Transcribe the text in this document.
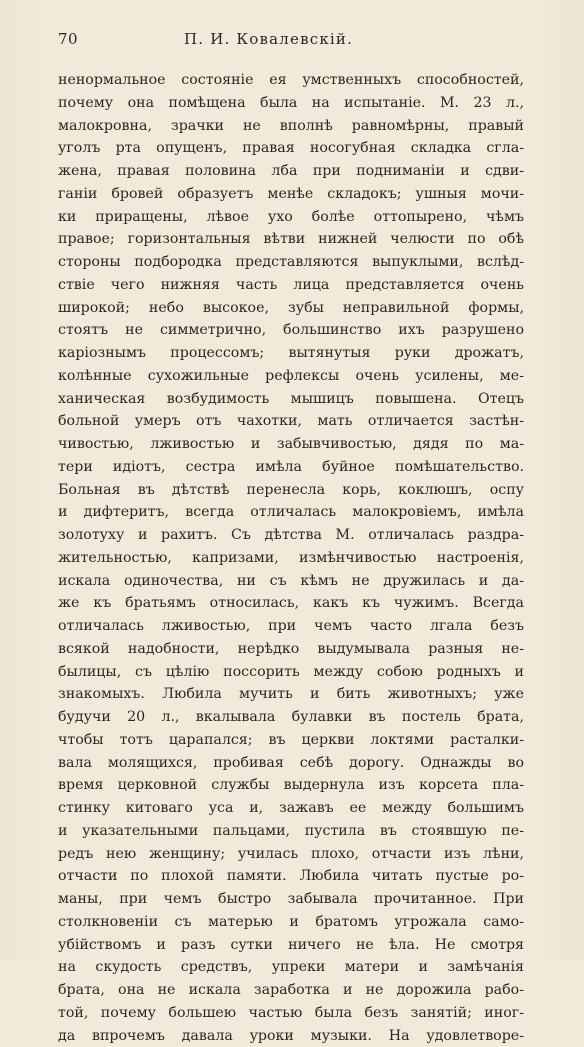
70	П. И. Ковалевскій.
ненормальное состояніе ея умственныхъ способностей,
почему она помѣщена была на испытаніе. М. 23 л.,
малокровна, зрачки не вполнѣ равномѣрны, правый
уголъ рта опущенъ, правая носогубная складка сгла-
жена, правая половина лба при подниманіи и сдви-
ганіи бровей образуетъ менѣе складокъ; ушныя мочи-
ки приращены, лѣвое ухо болѣе оттопырено, чѣмъ
правое; горизонтальныя вѣтви нижней челюсти по обѣ
стороны подбородка представляются выпуклыми, вслѣд-
ствіе чего нижняя часть лица представляется очень
широкой; небо высокое, зубы неправильной формы,
стоятъ не симметрично, большинство ихъ разрушено
каріознымъ процессомъ; вытянутыя руки дрожатъ,
колѣнные сухожильные рефлексы очень усилены, ме-
ханическая возбудимость мышицъ повышена. Отецъ
больной умеръ отъ чахотки, мать отличается застѣн-
чивостью, лживостью и забывчивостью, дядя по ма-
тери идіотъ, сестра имѣла буйное помѣшательство.
Больная въ дѣтствѣ перенесла корь, коклюшъ, оспу
и дифтеритъ, всегда отличалась малокровіемъ, имѣла
золотуху и рахитъ. Съ дѣтства М. отличалась раздра-
жительностью, капризами, измѣнчивостью настроенія,
искала одиночества, ни съ кѣмъ не дружилась и да-
же къ братьямъ относилась, какъ къ чужимъ. Всегда
отличалась лживостью, при чемъ часто лгала безъ
всякой надобности, нерѣдко выдумывала разныя не-
былицы, съ цѣлію поссорить между собою родныхъ и
знакомыхъ. Любила мучить и бить животныхъ; уже
будучи 20 л., вкалывала булавки въ постель брата,
чтобы тотъ царапался; въ церкви локтями расталки-
вала молящихся, пробивая себѣ дорогу. Однажды во
время церковной службы выдернула изъ корсета пла-
стинку китоваго уса и, зажавъ ее между большимъ
и указательными пальцами, пустила въ стоявшую пе-
редъ нею женщину; училась плохо, отчасти изъ лѣни,
отчасти по плохой памяти. Любила читать пустые ро-
маны, при чемъ быстро забывала прочитанное. При
столкновеніи съ матерью и братомъ угрожала само-
убійствомъ и разъ сутки ничего не ѣла. Не смотря
на скудость средствъ, упреки матери и замѣчанія
брата, она не искала заработка и не дорожила рабо-
той, почему большею частью была безъ занятій; иног-
да впрочемъ давала уроки музыки. На удовлетворе-
